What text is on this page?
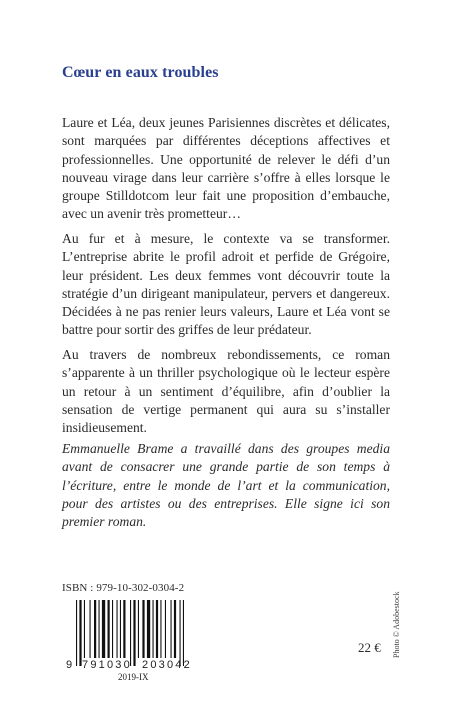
Cœur en eaux troubles

Laure et Léa, deux jeunes Parisiennes discrètes et délicates, sont marquées par différentes déceptions affectives et professionnelles. Une opportunité de relever le défi d’un nouveau virage dans leur carrière s’offre à elles lorsque le groupe Stilldotcom leur fait une proposition d’embauche, avec un avenir très prometteur…

Au fur et à mesure, le contexte va se transformer. L’entreprise abrite le profil adroit et perfide de Grégoire, leur président. Les deux femmes vont découvrir toute la stratégie d’un dirigeant manipulateur, pervers et dangereux. Décidées à ne pas renier leurs valeurs, Laure et Léa vont se battre pour sortir des griffes de leur prédateur.

Au travers de nombreux rebondissements, ce roman s’apparente à un thriller psychologique où le lecteur espère un retour à un sentiment d’équilibre, afin d’oublier la sensation de vertige permanent qui aura su s’installer insidieusement.

Emmanuelle Brame a travaillé dans des groupes media avant de consacrer une grande partie de son temps à l’écriture, entre le monde de l’art et la communication, pour des artistes ou des entreprises. Elle signe ici son premier roman.

ISBN : 979-10-302-0304-2
9 791030 203042
2019-IX
22 € Photo © Adobestock
